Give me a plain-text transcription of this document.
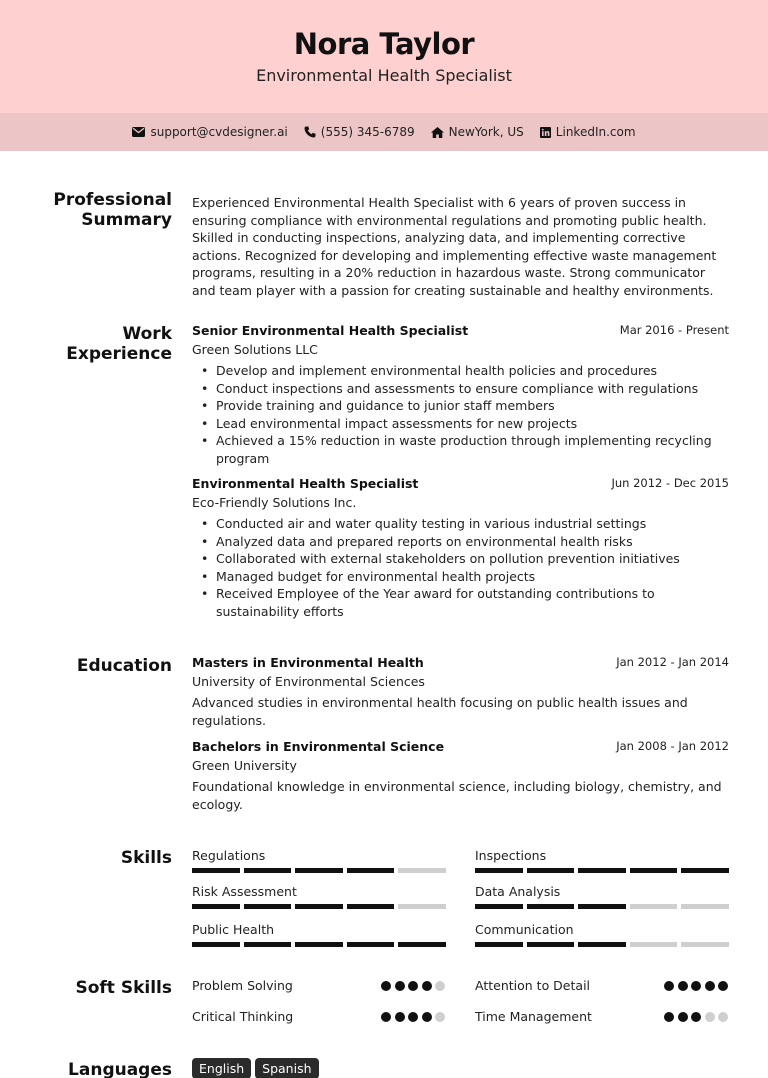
Nora Taylor
Environmental Health Specialist
support@cvdesigner.ai	(555) 345-6789	NewYork, US	LinkedIn.com
Professional Summary
Experienced Environmental Health Specialist with 6 years of proven success in ensuring compliance with environmental regulations and promoting public health. Skilled in conducting inspections, analyzing data, and implementing corrective actions. Recognized for developing and implementing effective waste management programs, resulting in a 20% reduction in hazardous waste. Strong communicator and team player with a passion for creating sustainable and healthy environments.
Work Experience
Senior Environmental Health Specialist	Mar 2016 - Present
Green Solutions LLC
• Develop and implement environmental health policies and procedures
• Conduct inspections and assessments to ensure compliance with regulations
• Provide training and guidance to junior staff members
• Lead environmental impact assessments for new projects
• Achieved a 15% reduction in waste production through implementing recycling program
Environmental Health Specialist	Jun 2012 - Dec 2015
Eco-Friendly Solutions Inc.
• Conducted air and water quality testing in various industrial settings
• Analyzed data and prepared reports on environmental health risks
• Collaborated with external stakeholders on pollution prevention initiatives
• Managed budget for environmental health projects
• Received Employee of the Year award for outstanding contributions to sustainability efforts
Education Masters in Environmental Health	Jan 2012 - Jan 2014
University of Environmental Sciences
Advanced studies in environmental health focusing on public health issues and regulations.
Bachelors in Environmental Science	Jan 2008 - Jan 2012
Green University
Foundational knowledge in environmental science, including biology, chemistry, and ecology.
Skills Regulations	Inspections
Risk Assessment	Data Analysis
Public Health	Communication
Soft Skills Problem Solving	Attention to Detail
Critical Thinking	Time Management
Languages	English	Spanish
